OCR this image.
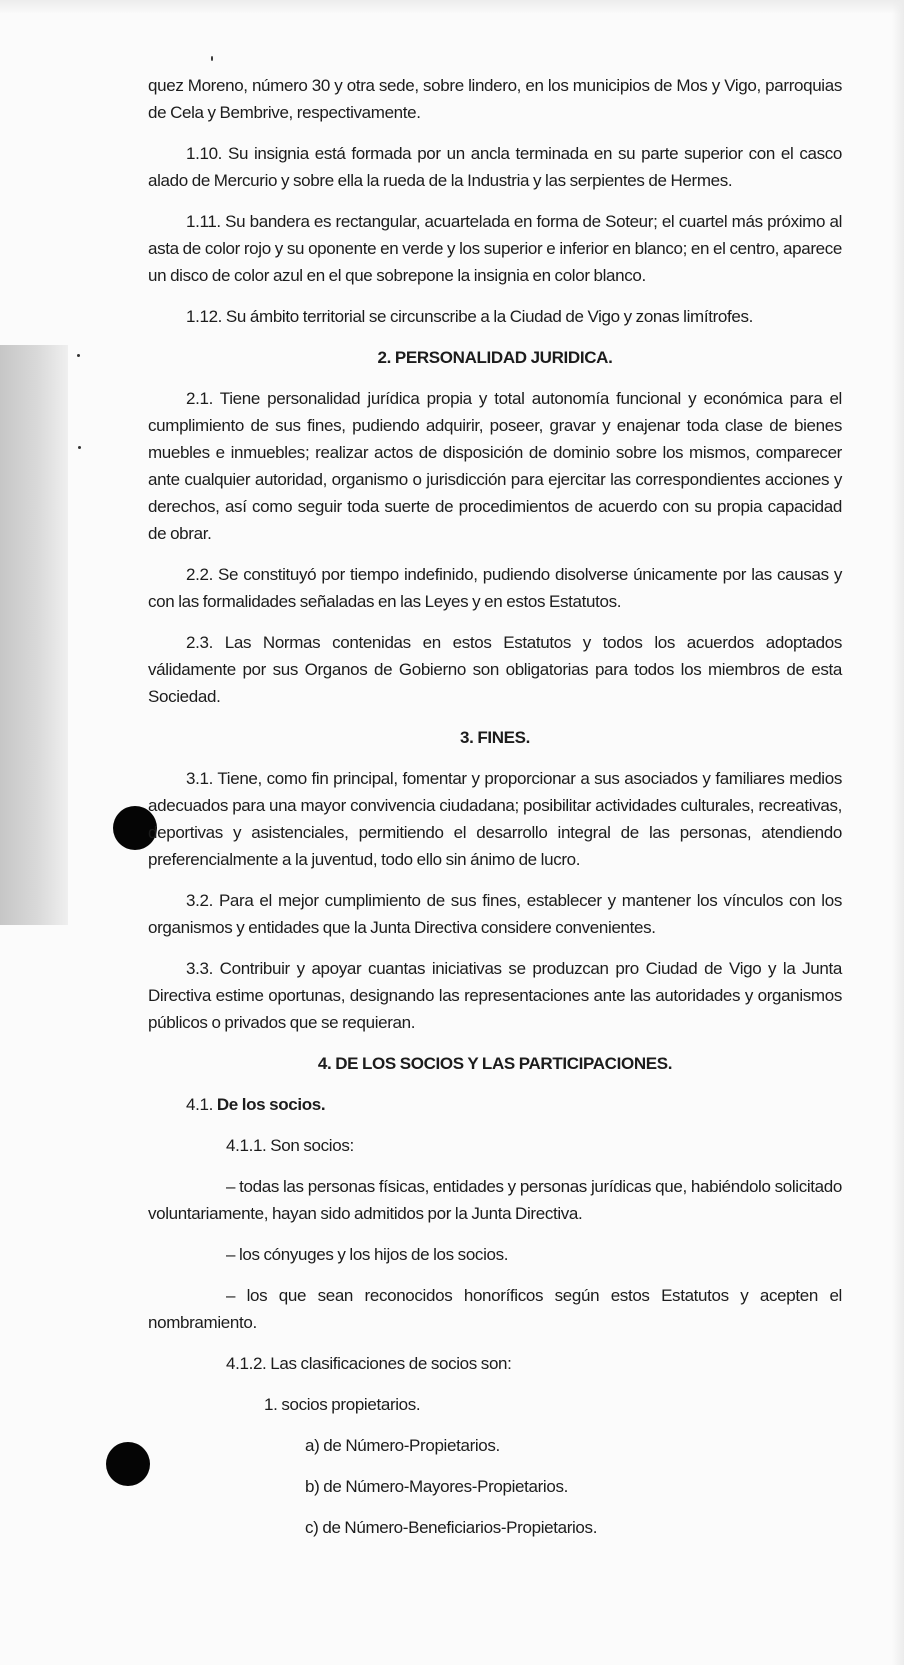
quez Moreno, número 30 y otra sede, sobre lindero, en los municipios de Mos y Vigo, parroquias de Cela y Bembrive, respectivamente.

1.10. Su insignia está formada por un ancla terminada en su parte superior con el casco alado de Mercurio y sobre ella la rueda de la Industria y las serpientes de Hermes.

1.11. Su bandera es rectangular, acuartelada en forma de Soteur; el cuartel más próximo al asta de color rojo y su oponente en verde y los superior e inferior en blanco; en el centro, aparece un disco de color azul en el que sobrepone la insignia en color blanco.

1.12. Su ámbito territorial se circunscribe a la Ciudad de Vigo y zonas limítrofes.

2. PERSONALIDAD JURIDICA.

2.1. Tiene personalidad jurídica propia y total autonomía funcional y económica para el cumplimiento de sus fines, pudiendo adquirir, poseer, gravar y enajenar toda clase de bienes muebles e inmuebles; realizar actos de disposición de dominio sobre los mismos, comparecer ante cualquier autoridad, organismo o jurisdicción para ejercitar las correspondientes acciones y derechos, así como seguir toda suerte de procedimientos de acuerdo con su propia capacidad de obrar.

2.2. Se constituyó por tiempo indefinido, pudiendo disolverse únicamente por las causas y con las formalidades señaladas en las Leyes y en estos Estatutos.

2.3. Las Normas contenidas en estos Estatutos y todos los acuerdos adoptados válidamente por sus Organos de Gobierno son obligatorias para todos los miembros de esta Sociedad.

3. FINES.

3.1. Tiene, como fin principal, fomentar y proporcionar a sus asociados y familiares medios adecuados para una mayor convivencia ciudadana; posibilitar actividades culturales, recreativas, deportivas y asistenciales, permitiendo el desarrollo integral de las personas, atendiendo preferencialmente a la juventud, todo ello sin ánimo de lucro.

3.2. Para el mejor cumplimiento de sus fines, establecer y mantener los vínculos con los organismos y entidades que la Junta Directiva considere convenientes.

3.3. Contribuir y apoyar cuantas iniciativas se produzcan pro Ciudad de Vigo y la Junta Directiva estime oportunas, designando las representaciones ante las autoridades y organismos públicos o privados que se requieran.

4. DE LOS SOCIOS Y LAS PARTICIPACIONES.

4.1. De los socios.

4.1.1. Son socios:

– todas las personas físicas, entidades y personas jurídicas que, habiéndolo solicitado voluntariamente, hayan sido admitidos por la Junta Directiva.

– los cónyuges y los hijos de los socios.

– los que sean reconocidos honoríficos según estos Estatutos y acepten el nombramiento.

4.1.2. Las clasificaciones de socios son:

1. socios propietarios.

a) de Número-Propietarios.

b) de Número-Mayores-Propietarios.

c) de Número-Beneficiarios-Propietarios.
